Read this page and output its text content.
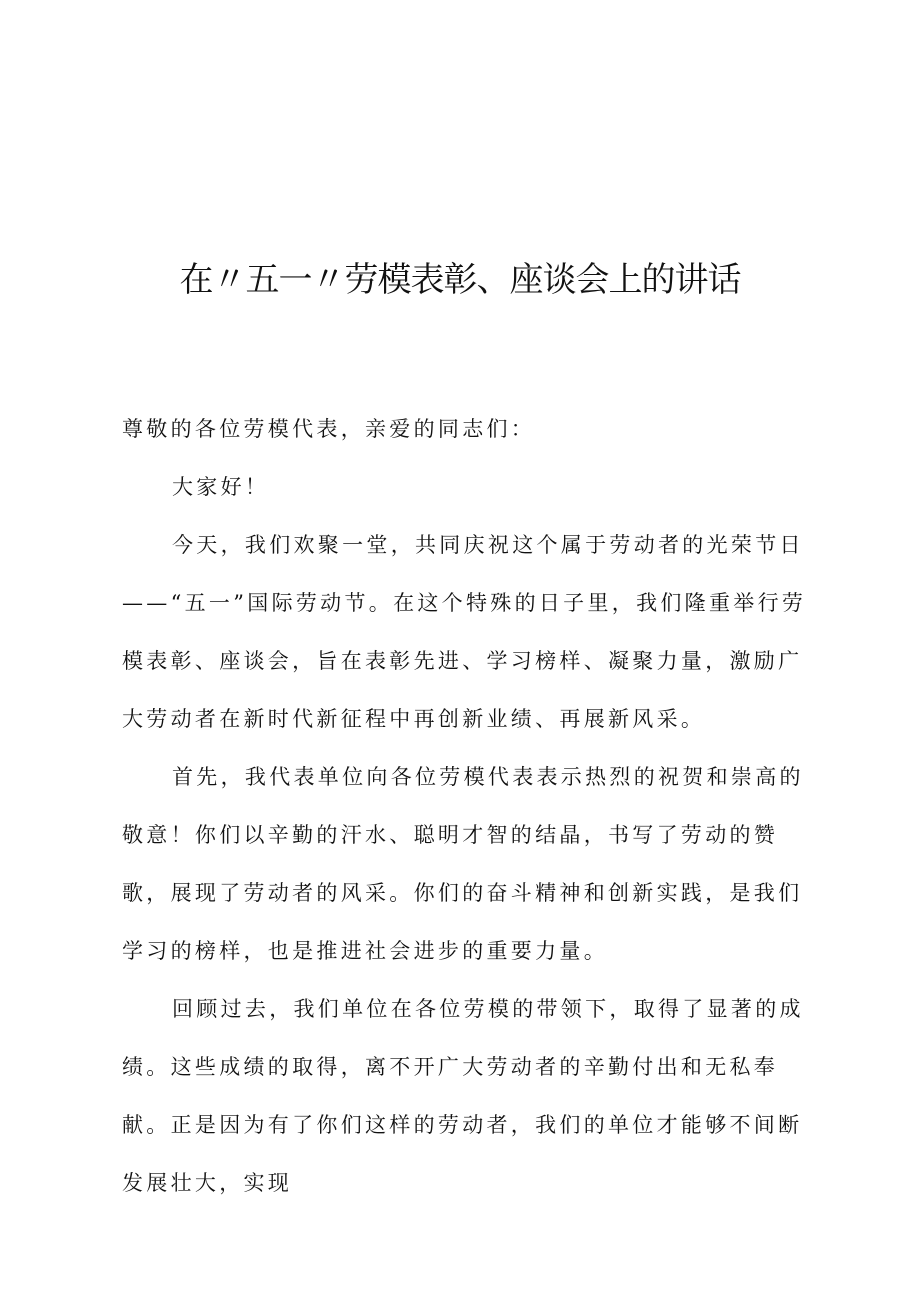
在〃五一〃劳模表彰、座谈会上的讲话

尊敬的各位劳模代表，亲爱的同志们：

大家好！

今天，我们欢聚一堂，共同庆祝这个属于劳动者的光荣节日——“五一”国际劳动节。在这个特殊的日子里，我们隆重举行劳模表彰、座谈会，旨在表彰先进、学习榜样、凝聚力量，激励广大劳动者在新时代新征程中再创新业绩、再展新风采。

首先，我代表单位向各位劳模代表表示热烈的祝贺和崇高的敬意！你们以辛勤的汗水、聪明才智的结晶，书写了劳动的赞歌，展现了劳动者的风采。你们的奋斗精神和创新实践，是我们学习的榜样，也是推进社会进步的重要力量。

回顾过去，我们单位在各位劳模的带领下，取得了显著的成绩。这些成绩的取得，离不开广大劳动者的辛勤付出和无私奉献。正是因为有了你们这样的劳动者，我们的单位才能够不间断发展壮大，实现
